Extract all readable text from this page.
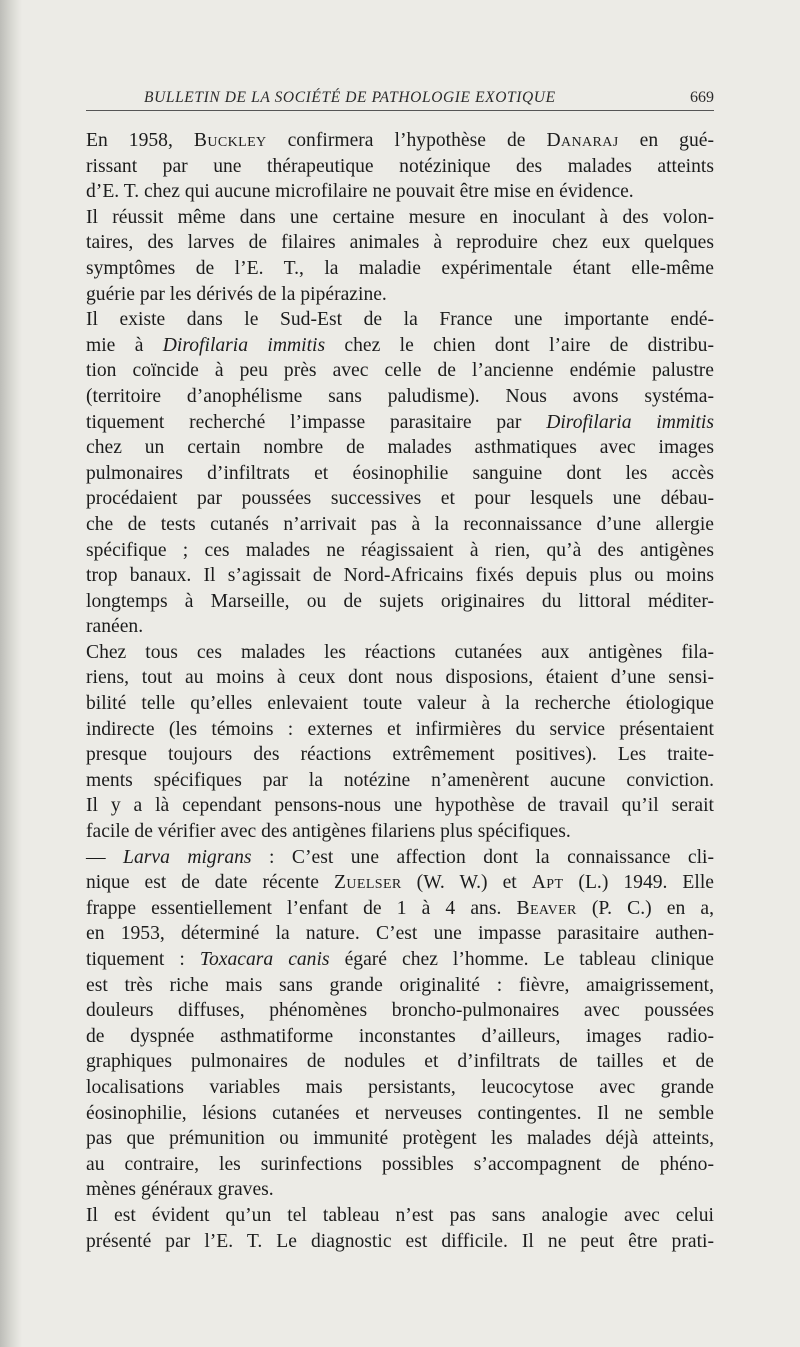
BULLETIN DE LA SOCIÉTÉ DE PATHOLOGIE EXOTIQUE	669
En 1958, Buckley confirmera l’hypothèse de Danaraj en gué-
rissant par une thérapeutique notézinique des malades atteints
d’E. T. chez qui aucune microfilaire ne pouvait être mise en évidence.
Il réussit même dans une certaine mesure en inoculant à des volon-
taires, des larves de filaires animales à reproduire chez eux quelques
symptômes de l’E. T., la maladie expérimentale étant elle-même
guérie par les dérivés de la pipérazine.
Il existe dans le Sud-Est de la France une importante endé-
mie à Dirofilaria immitis chez le chien dont l’aire de distribu-
tion coïncide à peu près avec celle de l’ancienne endémie palustre
(territoire d’anophélisme sans paludisme). Nous avons systéma-
tiquement recherché l’impasse parasitaire par Dirofilaria immitis
chez un certain nombre de malades asthmatiques avec images
pulmonaires d’infiltrats et éosinophilie sanguine dont les accès
procédaient par poussées successives et pour lesquels une débau-
che de tests cutanés n’arrivait pas à la reconnaissance d’une allergie
spécifique ; ces malades ne réagissaient à rien, qu’à des antigènes
trop banaux. Il s’agissait de Nord-Africains fixés depuis plus ou moins
longtemps à Marseille, ou de sujets originaires du littoral méditer-
ranéen.
Chez tous ces malades les réactions cutanées aux antigènes fila-
riens, tout au moins à ceux dont nous disposions, étaient d’une sensi-
bilité telle qu’elles enlevaient toute valeur à la recherche étiologique
indirecte (les témoins : externes et infirmières du service présentaient
presque toujours des réactions extrêmement positives). Les traite-
ments spécifiques par la notézine n’amenèrent aucune conviction.
Il y a là cependant pensons-nous une hypothèse de travail qu’il serait
facile de vérifier avec des antigènes filariens plus spécifiques.
— Larva migrans : C’est une affection dont la connaissance cli-
nique est de date récente Zuelser (W. W.) et Apt (L.) 1949. Elle
frappe essentiellement l’enfant de 1 à 4 ans. Beaver (P. C.) en a,
en 1953, déterminé la nature. C’est une impasse parasitaire authen-
tiquement : Toxacara canis égaré chez l’homme. Le tableau clinique
est très riche mais sans grande originalité : fièvre, amaigrissement,
douleurs diffuses, phénomènes broncho-pulmonaires avec poussées
de dyspnée asthmatiforme inconstantes d’ailleurs, images radio-
graphiques pulmonaires de nodules et d’infiltrats de tailles et de
localisations variables mais persistants, leucocytose avec grande
éosinophilie, lésions cutanées et nerveuses contingentes. Il ne semble
pas que prémunition ou immunité protègent les malades déjà atteints,
au contraire, les surinfections possibles s’accompagnent de phéno-
mènes généraux graves.
Il est évident qu’un tel tableau n’est pas sans analogie avec celui
présenté par l’E. T. Le diagnostic est difficile. Il ne peut être prati-
